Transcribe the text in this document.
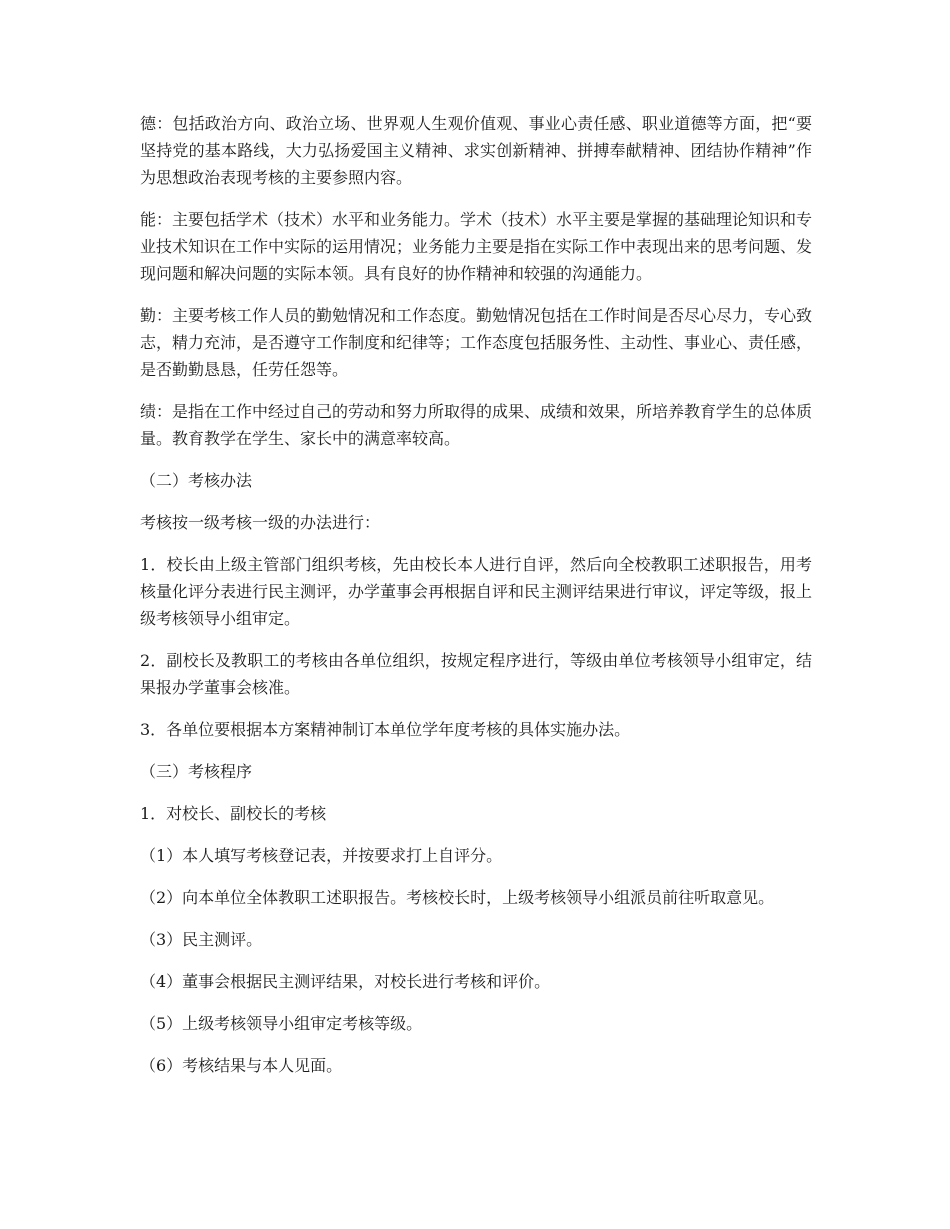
德：包括政治方向、政治立场、世界观人生观价值观、事业心责任感、职业道德等方面，把“要坚持党的基本路线，大力弘扬爱国主义精神、求实创新精神、拼搏奉献精神、团结协作精神”作为思想政治表现考核的主要参照内容。

能：主要包括学术（技术）水平和业务能力。学术（技术）水平主要是掌握的基础理论知识和专业技术知识在工作中实际的运用情况；业务能力主要是指在实际工作中表现出来的思考问题、发现问题和解决问题的实际本领。具有良好的协作精神和较强的沟通能力。

勤：主要考核工作人员的勤勉情况和工作态度。勤勉情况包括在工作时间是否尽心尽力，专心致志，精力充沛，是否遵守工作制度和纪律等；工作态度包括服务性、主动性、事业心、责任感，是否勤勤恳恳，任劳任怨等。

绩：是指在工作中经过自己的劳动和努力所取得的成果、成绩和效果，所培养教育学生的总体质量。教育教学在学生、家长中的满意率较高。

（二）考核办法

考核按一级考核一级的办法进行：

1．校长由上级主管部门组织考核，先由校长本人进行自评，然后向全校教职工述职报告，用考核量化评分表进行民主测评，办学董事会再根据自评和民主测评结果进行审议，评定等级，报上级考核领导小组审定。

2．副校长及教职工的考核由各单位组织，按规定程序进行，等级由单位考核领导小组审定，结果报办学董事会核准。

3．各单位要根据本方案精神制订本单位学年度考核的具体实施办法。

（三）考核程序

1．对校长、副校长的考核

（1）本人填写考核登记表，并按要求打上自评分。

（2）向本单位全体教职工述职报告。考核校长时，上级考核领导小组派员前往听取意见。

（3）民主测评。

（4）董事会根据民主测评结果，对校长进行考核和评价。

（5）上级考核领导小组审定考核等级。

（6）考核结果与本人见面。
